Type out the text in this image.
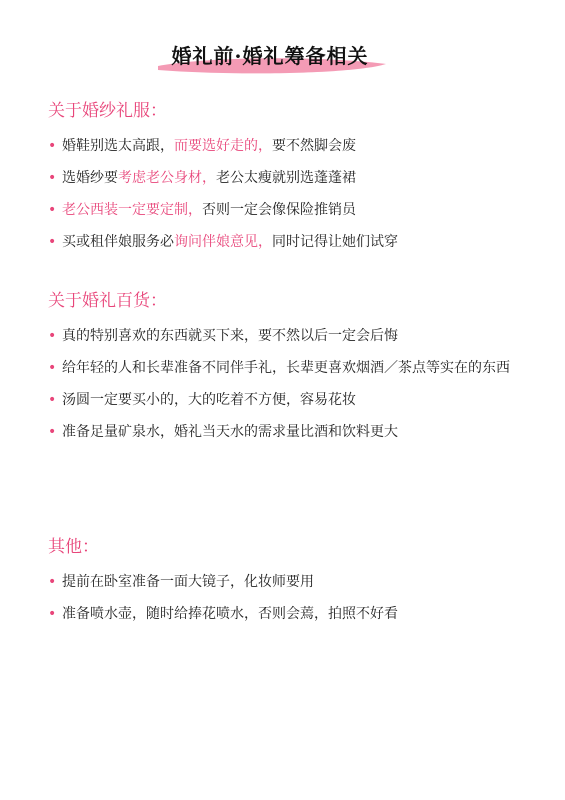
婚礼前·婚礼筹备相关
关于婚纱礼服：
• 婚鞋别选太高跟，而要选好走的，要不然脚会废
• 选婚纱要考虑老公身材，老公太瘦就别选蓬蓬裙
• 老公西装一定要定制，否则一定会像保险推销员
• 买或租伴娘服务必询问伴娘意见，同时记得让她们试穿
关于婚礼百货：
• 真的特别喜欢的东西就买下来，要不然以后一定会后悔
• 给年轻的人和长辈准备不同伴手礼，长辈更喜欢烟酒／茶点等实在的东西
• 汤圆一定要买小的，大的吃着不方便，容易花妆
• 准备足量矿泉水，婚礼当天水的需求量比酒和饮料更大
其他：
• 提前在卧室准备一面大镜子，化妆师要用
• 准备喷水壶，随时给捧花喷水，否则会蔫，拍照不好看
